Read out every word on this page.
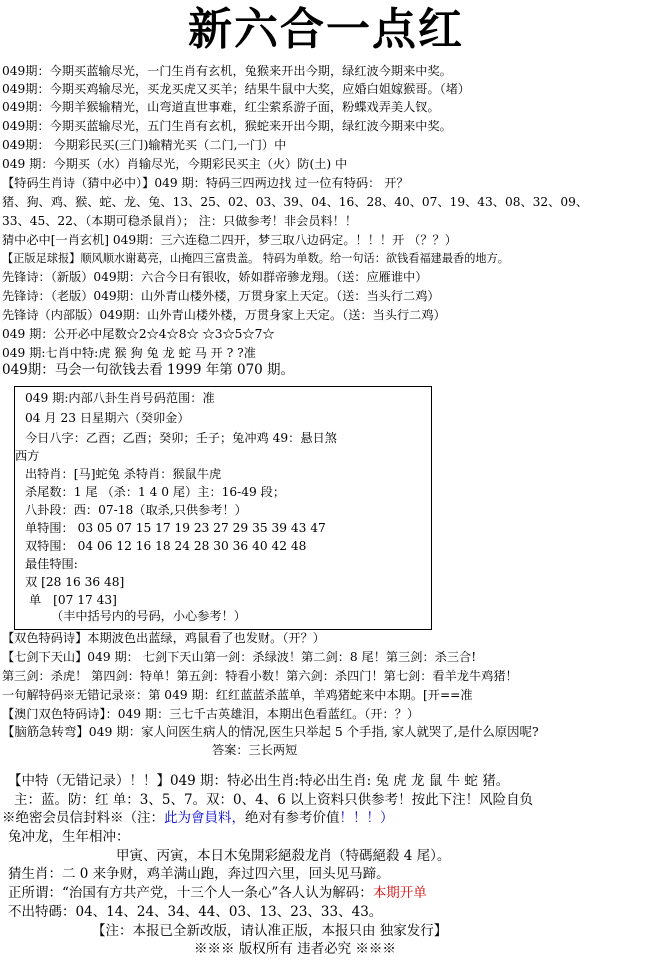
新六合一点红
049期：今期买蓝输尽光，一门生肖有玄机，兔猴来开出今期，绿红波今期来中奖。
049期：今期买鸡输尽光，买龙买虎又买羊；结果牛鼠中大奖，应婚白姐嫁猴哥。（堵）
049期：今期羊猴输精光，山弯道直世事难，红尘萦系游子面，粉蝶戏弄美人钗。
049期：今期买蓝输尽光，五门生肖有玄机，猴蛇来开出今期，绿红波今期来中奖。
049期： 今期彩民买(三门)输精光买（二门,一门）中
049 期：今期买（水）肖输尽光，今期彩民买主（火）防(土) 中
【特码生肖诗（猜中必中）】049 期：特码三四两边找 过一位有特码： 开？
猪、狗、鸡、猴、蛇、龙、兔、13、25、02、03、39、04、16、28、40、07、19、43、08、32、09、
33、45、22、（本期可稳杀鼠肖）； 注：只做参考！非会员料！！
猜中必中[一肖玄机] 049期：三六连稳二四开，梦三取八边码定。！！！开 （？？）
【正版足球报】顺风顺水谢葛亮，山掩四三富贵盖。 特码为单数。给一句话：欲钱看福建最香的地方。
先锋诗：（新版）049期：六合今日有银收，娇如群帝骖龙翔。（送：应雁谁中）
先锋诗：（老版）049期：山外青山楼外楼，万贯身家上天定。（送：当头行二鸡）
先锋诗（内部版）049期：山外青山楼外楼，万贯身家上天定。（送：当头行二鸡）
049 期：公开必中尾数☆2☆4☆8☆ ☆3☆5☆7☆
049 期:七肖中特:虎 猴 狗 兔 龙 蛇 马 开 ? ?准
049期：马会一句欲钱去看 1999 年第 070 期。
049 期:内部八卦生肖号码范围：准
04 月 23 日星期六（癸卯金）
今日八字：乙酉；乙酉；癸卯；壬子；兔冲鸡 49：悬日煞
西方
出特肖：[马]蛇兔 杀特肖：猴鼠牛虎
杀尾数：1 尾 （杀：1 4 0 尾）主：16-49 段；
八卦段：西：07-18（取杀,只供参考！）
单特围： 03 05 07 15 17 19 23 27 29 35 39 43 47
双特围： 04 06 12 16 18 24 28 30 36 40 42 48
最佳特围:
双 [28 16 36 48]
单 [07 17 43]
（丰中括号内的号码，小心参考！）
【双色特码诗】本期波色出蓝绿，鸡鼠看了也发财。（开？）
【七剑下天山】049 期： 七剑下天山第一剑：杀绿波！第二剑：8 尾！第三剑：杀三合!
第三剑：杀虎！ 第四剑：特单！第五剑：特看小数！第六剑：杀四门！第七剑：看羊龙牛鸡猪！
一句解特码※无错记录※：第 049 期：红红蓝蓝杀蓝单，羊鸡猪蛇来中本期。[开==准
【澳门双色特码诗】：049 期：三七千古英雄泪，本期出色看蓝红。（开：？）
【脑筋急转弯】049 期：家人问医生病人的情况,医生只举起 5 个手指, 家人就哭了,是什么原因呢?
答案：三长两短
【中特（无错记录）！！】049 期：特必出生肖:特必出生肖: 兔 虎 龙 鼠 牛 蛇 猪。
主：蓝。防：红 单：3、5、7。双：0、4、6 以上资料只供参考！按此下注！风险自负
※绝密会员信封料※（注：此为會員料，绝对有参考价值！！！）
兔冲龙，生年相冲：
甲寅、丙寅，本日木兔開彩絕殺龙肖（特碼絕殺 4 尾）。
猜生肖：二 0 来争财，鸡羊满山跑，奔过四六里，回头见马蹄。
正所谓：“治国有方共产党，十三个人一条心”各人认为解码：本期开单
不出特碼：04、14、24、34、44、03、13、23、33、43。
【注：本报已全新改版，请认准正版，本报只由 独家发行】
※※※ 版权所有 违者必究 ※※※
